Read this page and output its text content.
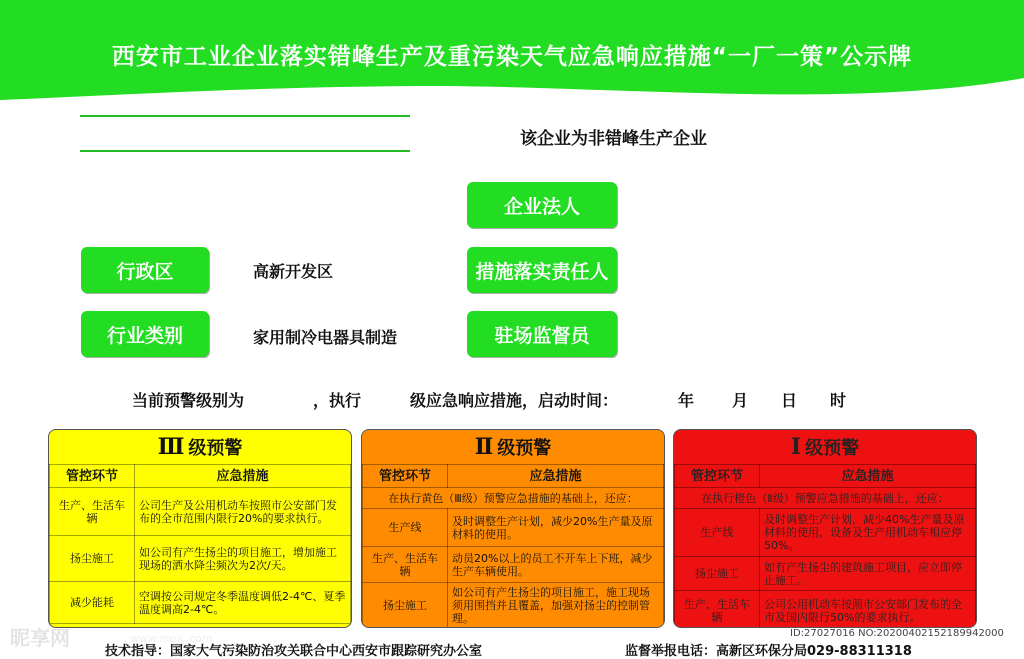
西安市工业企业落实错峰生产及重污染天气应急响应措施“一厂一策”公示牌
该企业为非错峰生产企业
企业法人
措施落实责任人
驻场监督员
行政区	高新开发区
行业类别	家用制冷电器具制造
当前预警级别为	，执行	级应急响应措施，启动时间：	年 月 日 时
Ⅲ 级预警
管控环节	应急措施
生产、生活车辆	公司生产及公用机动车按照市公安部门发布的全市范围内限行20%的要求执行。
扬尘施工	如公司有产生扬尘的项目施工，增加施工现场的洒水降尘频次为2次/天。
减少能耗	空调按公司规定冬季温度调低2-4℃、夏季温度调高2-4℃。
Ⅱ 级预警
管控环节	应急措施
在执行黄色（Ⅲ级）预警应急措施的基础上，还应：	
生产线	及时调整生产计划，减少20%生产量及原材料的使用。
生产、生活车辆	动员20%以上的员工不开车上下班，减少生产车辆使用。
扬尘施工	如公司有产生扬尘的项目施工，施工现场须用围挡并且覆盖，加强对扬尘的控制管理。
Ⅰ 级预警
管控环节	应急措施
在执行橙色（Ⅱ级）预警应急措施的基础上，还应：	
生产线	及时调整生产计划，减少40%生产量及原材料的使用，设备及生产用机动车相应停50%。
扬尘施工	如有产生扬尘的建筑施工项目，应立即停止施工。
生产、生活车辆	公司公用机动车按照市公安部门发布的全市及国内限行50%的要求执行。
技术指导：国家大气污染防治攻关联合中心西安市跟踪研究办公室	监督举报电话：高新区环保分局029-88311318
昵享网	www.nipic.com	ID:27027016 NO:20200402152189942000
